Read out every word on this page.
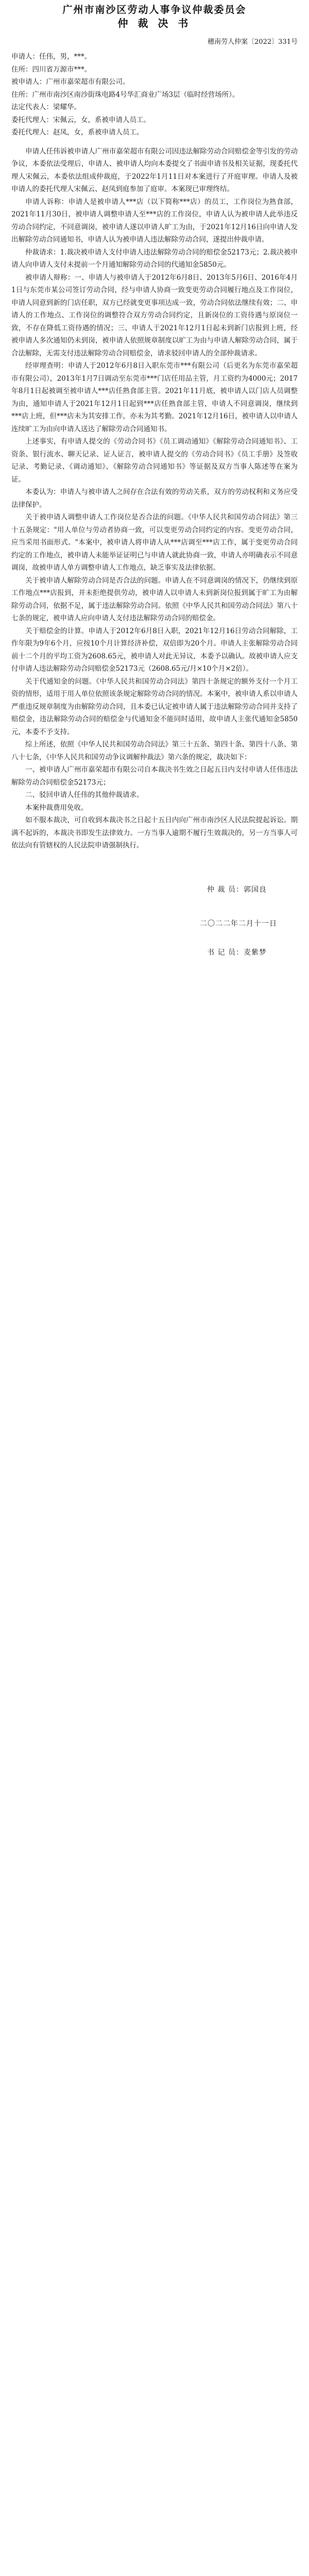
广州市南沙区劳动人事争议仲裁委员会
仲 裁 决 书
穗南劳人仲案〔2022〕331号

申请人：任伟，男，***。

住所：四川省万源市***。

被申请人：广州市嘉荣超市有限公司。

住所：广州市南沙区南沙街珠电路4号华汇商业广场3层（临时经营场所）。

法定代表人：梁耀华。

委托代理人：宋佩云，女，系被申请人员工。

委托代理人：赵凤，女，系被申请人员工。

申请人任伟诉被申请人广州市嘉荣超市有限公司因违法解除劳动合同赔偿金等引发的劳动争议，本委依法受理后，申请人、被申请人均向本委提交了书面申请书及相关证据，现委托代理人宋佩云，本委依法组成仲裁庭，于2022年1月11日对本案进行了开庭审理。申请人及被申请人的委托代理人宋佩云、赵凤到庭参加了庭审。本案现已审理终结。

申请人诉称：申请人是被申请人***店（以下简称***店）的员工，工作岗位为熟食部，2021年11月30日，被申请人调整申请人至***店的工作岗位，申请人认为被申请人此举违反劳动合同约定，不同意调岗，被申请人遂以申请人旷工为由，于2021年12月16日向申请人发出解除劳动合同通知书，申请人认为被申请人违法解除劳动合同，遂提出仲裁申请。

仲裁请求：1.裁决被申请人支付申请人违法解除劳动合同的赔偿金52173元；2.裁决被申请人向申请人支付未提前一个月通知解除劳动合同的代通知金5850元。

被申请人辩称：一、申请人与被申请人于2012年6月8日、2013年5月6日、2016年4月1日与东莞市某公司签订劳动合同，经与申请人协商一致变更劳动合同履行地点及工作岗位，申请人同意到新的门店任职，双方已经就变更事项达成一致，劳动合同依法继续有效；二、申请人的工作地点、工作岗位的调整符合双方劳动合同约定，且新岗位的工资待遇与原岗位一致，不存在降低工资待遇的情况；三、申请人于2021年12月1日起未到新门店报到上班，经被申请人多次通知仍未到岗，被申请人依照规章制度以旷工为由与申请人解除劳动合同，属于合法解除，无需支付违法解除劳动合同赔偿金，请求驳回申请人的全部仲裁请求。

经审理查明：申请人于2012年6月8日入职东莞市***有限公司（后更名为东莞市嘉荣超市有限公司），2013年1月7日调动至东莞市***门店任用品主管，月工资约为4000元；2017年8月1日起被调至被申请人***店任熟食部主管。2021年11月底，被申请人以门店人员调整为由，通知申请人于2021年12月1日起到***店任熟食部主管，申请人不同意调岗，继续到***店上班，但***店未为其安排工作，亦未为其考勤。2021年12月16日，被申请人以申请人连续旷工为由向申请人送达了解除劳动合同通知书。

上述事实，有申请人提交的《劳动合同书》《员工调动通知》《解除劳动合同通知书》、工资条、银行流水、聊天记录、证人证言，被申请人提交的《劳动合同书》《员工手册》及签收记录、考勤记录、《调动通知》、《解除劳动合同通知书》等证据及双方当事人陈述等在案为证。

本委认为：申请人与被申请人之间存在合法有效的劳动关系，双方的劳动权利和义务应受法律保护。

关于被申请人调整申请人工作岗位是否合法的问题。《中华人民共和国劳动合同法》第三十五条规定："用人单位与劳动者协商一致，可以变更劳动合同约定的内容。变更劳动合同，应当采用书面形式。"本案中，被申请人将申请人从***店调至***店工作，属于变更劳动合同约定的工作地点，被申请人未能举证证明已与申请人就此协商一致，申请人亦明确表示不同意调岗，故被申请人单方调整申请人工作地点，缺乏事实及法律依据。

关于被申请人解除劳动合同是否合法的问题。申请人在不同意调岗的情况下，仍继续到原工作地点***店报到，并未拒绝提供劳动，被申请人以申请人未到新岗位报到属于旷工为由解除劳动合同，依据不足，属于违法解除劳动合同。依照《中华人民共和国劳动合同法》第八十七条的规定，被申请人应向申请人支付违法解除劳动合同的赔偿金。

关于赔偿金的计算。申请人于2012年6月8日入职，2021年12月16日劳动合同解除，工作年限为9年6个月，应按10个月计算经济补偿，双倍即为20个月。申请人主张解除劳动合同前十二个月的平均工资为2608.65元，被申请人对此无异议，本委予以确认。故被申请人应支付申请人违法解除劳动合同赔偿金52173元（2608.65元/月×10个月×2倍）。

关于代通知金的问题。《中华人民共和国劳动合同法》第四十条规定的额外支付一个月工资的情形，适用于用人单位依照该条规定解除劳动合同的情况。本案中，被申请人系以申请人严重违反规章制度为由解除劳动合同，且本委已认定被申请人属于违法解除劳动合同并支持了赔偿金，违法解除劳动合同的赔偿金与代通知金不能同时适用，故申请人主张代通知金5850元，本委不予支持。

综上所述，依照《中华人民共和国劳动合同法》第三十五条、第四十条、第四十八条、第八十七条，《中华人民共和国劳动争议调解仲裁法》第六条的规定，裁决如下：

一、被申请人广州市嘉荣超市有限公司自本裁决书生效之日起五日内支付申请人任伟违法解除劳动合同赔偿金52173元；

二、驳回申请人任伟的其他仲裁请求。

本案仲裁费用免收。

如不服本裁决，可自收到本裁决书之日起十五日内向广州市南沙区人民法院提起诉讼。期满不起诉的，本裁决书即发生法律效力。一方当事人逾期不履行生效裁决的，另一方当事人可依法向有管辖权的人民法院申请强制执行。

仲 裁 员：郭国良
二〇二二年二月十一日
书 记 员：麦紫梦
